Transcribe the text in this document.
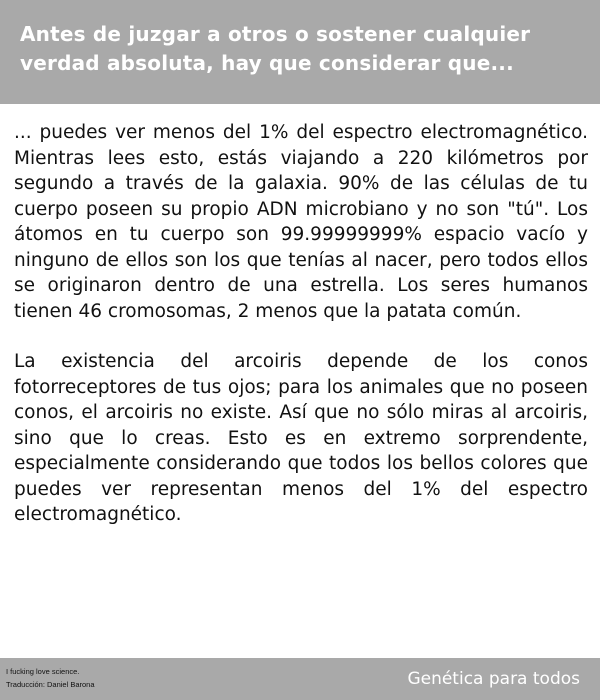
Antes de juzgar a otros o sostener cualquier verdad absoluta, hay que considerar que...

... puedes ver menos del 1% del espectro electromagnético. Mientras lees esto, estás viajando a 220 kilómetros por segundo a través de la galaxia. 90% de las células de tu cuerpo poseen su propio ADN microbiano y no son "tú". Los átomos en tu cuerpo son 99.99999999% espacio vacío y ninguno de ellos son los que tenías al nacer, pero todos ellos se originaron dentro de una estrella. Los seres humanos tienen 46 cromosomas, 2 menos que la patata común.

La existencia del arcoiris depende de los conos fotorreceptores de tus ojos; para los animales que no poseen conos, el arcoiris no existe. Así que no sólo miras al arcoiris, sino que lo creas. Esto es en extremo sorprendente, especialmente considerando que todos los bellos colores que puedes ver representan menos del 1% del espectro electromagnético.

I fucking love science.
Traducción: Daniel Barona	Genética para todos
